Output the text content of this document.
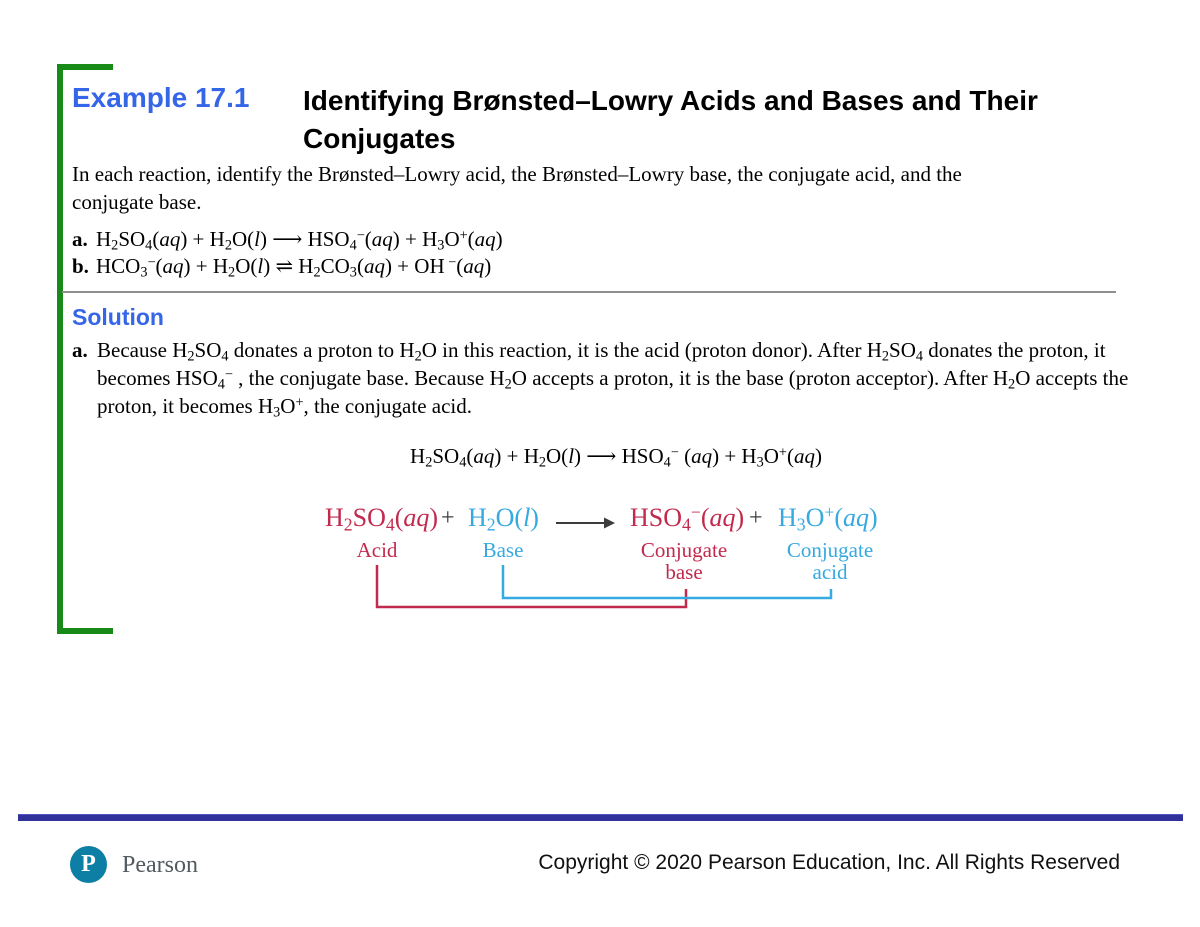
Example 17.1 Identifying Brønsted–Lowry Acids and Bases and Their Conjugates
In each reaction, identify the Brønsted–Lowry acid, the Brønsted–Lowry base, the conjugate acid, and the conjugate base.
a. $H_2SO_4(aq) + H_2O(l)$ ⟶ $HSO_4^-(aq) + H_3O^+(aq)$
b. $HCO_3^-(aq) + H_2O(l)$ ⇌ $H_2CO_3(aq)$ + OH −(aq)
Solution
a. Because $H_2SO_4$ donates a proton to $H_2O$ in this reaction, it is the acid (proton donor). After $H_2SO_4$ donates the proton, it becomes $HSO_4^-$ , the conjugate base. Because $H_2O$ accepts a proton, it is the base (proton acceptor). After $H_2O$ accepts the proton, it becomes $H_3O^+$, the conjugate acid.
$H_2SO_4(aq) + H_2O(l)$ ⟶ $HSO_4^-$ $(aq) + H_3O^+(aq)$
$H_2SO_4(aq) + H_2O(l) \to HSO_4^-(aq) + H_3O^+(aq)$
Acid	Base	Conjugate base
Conjugate acid
P	Pearson	Copyright © 2020 Pearson Education, Inc. All Rights Reserved
